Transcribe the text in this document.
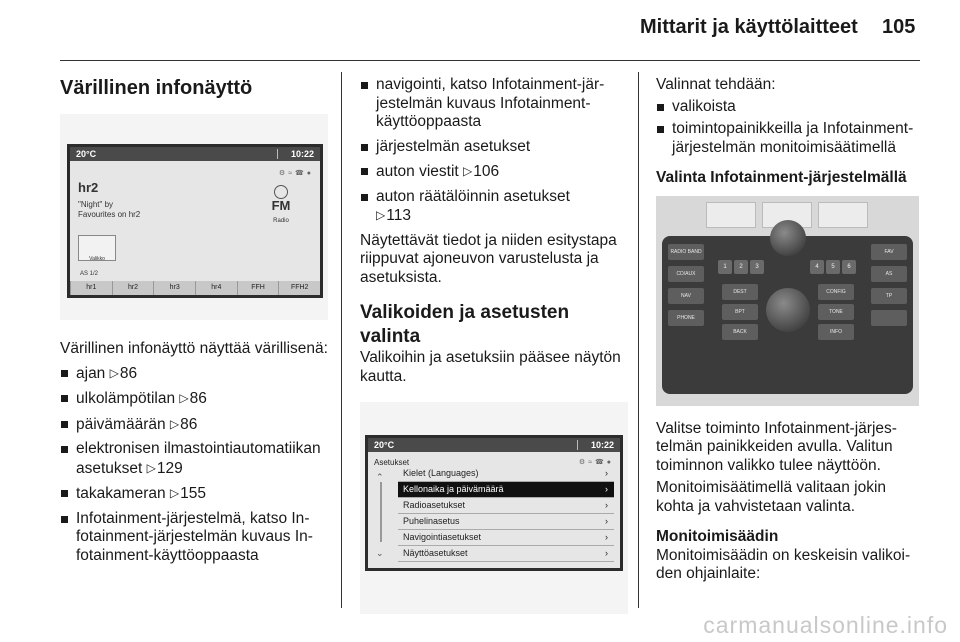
Mittarit ja käyttölaitteet 105
Värillinen infonäyttö
20°C	10:22
⚙≈☎●
hr2
"Night" by
Favourites on hr2
FM
Radio
Valikko
AS 1/2
hr1	hr2	hr3	hr4	FFH	FFH2

Värillinen infonäyttö näyttää värillisenä:

ajan ▷86
ulkolämpötilan ▷86
päivämäärän ▷86
elektronisen ilmastointiautomatiikan asetukset ▷129
takakameran ▷155
Infotainment-järjestelmä, katso Infotainment-järjestelmän kuvaus Infotainment-käyttöoppaasta
navigointi, katso Infotainment-järjestelmän kuvaus Infotainment-käyttöoppaasta
järjestelmän asetukset
auton viestit ▷106
auton räätälöinnin asetukset
▷113

Näytettävät tiedot ja niiden esitystapa riippuvat ajoneuvon varustelusta ja asetuksista.

Valikoiden ja asetusten valinta

Valikoihin ja asetuksiin pääsee näytön kautta.

20°C	10:22
Asetukset	⚙≈☎●
⌃
⌄
Kielet (Languages)	›
Kellonaika ja päivämäärä	›
Radioasetukset	›
Puhelinasetus	›
Navigointiasetukset	›
Näyttöasetukset	›

Valinnat tehdään:

valikoista
toimintopainikkeilla ja Infotainment-järjestelmän monitoimisäätimellä
Valinta Infotainment-järjestelmällä
RADIO BAND
CD/AUX
NAV
PHONE
FAV
AS
TP
1	2	3	4	5	6
DEST	CONFIG
BPT	TONE
BACK	INFO

Valitse toiminto Infotainment-järjestelmän painikkeiden avulla. Valitun toiminnon valikko tulee näyttöön.

Monitoimisäätimellä valitaan jokin kohta ja vahvistetaan valinta.

Monitoimisäädin

Monitoimisäädin on keskeisin valikoiden ohjainlaite:

carmanualsonline.info
